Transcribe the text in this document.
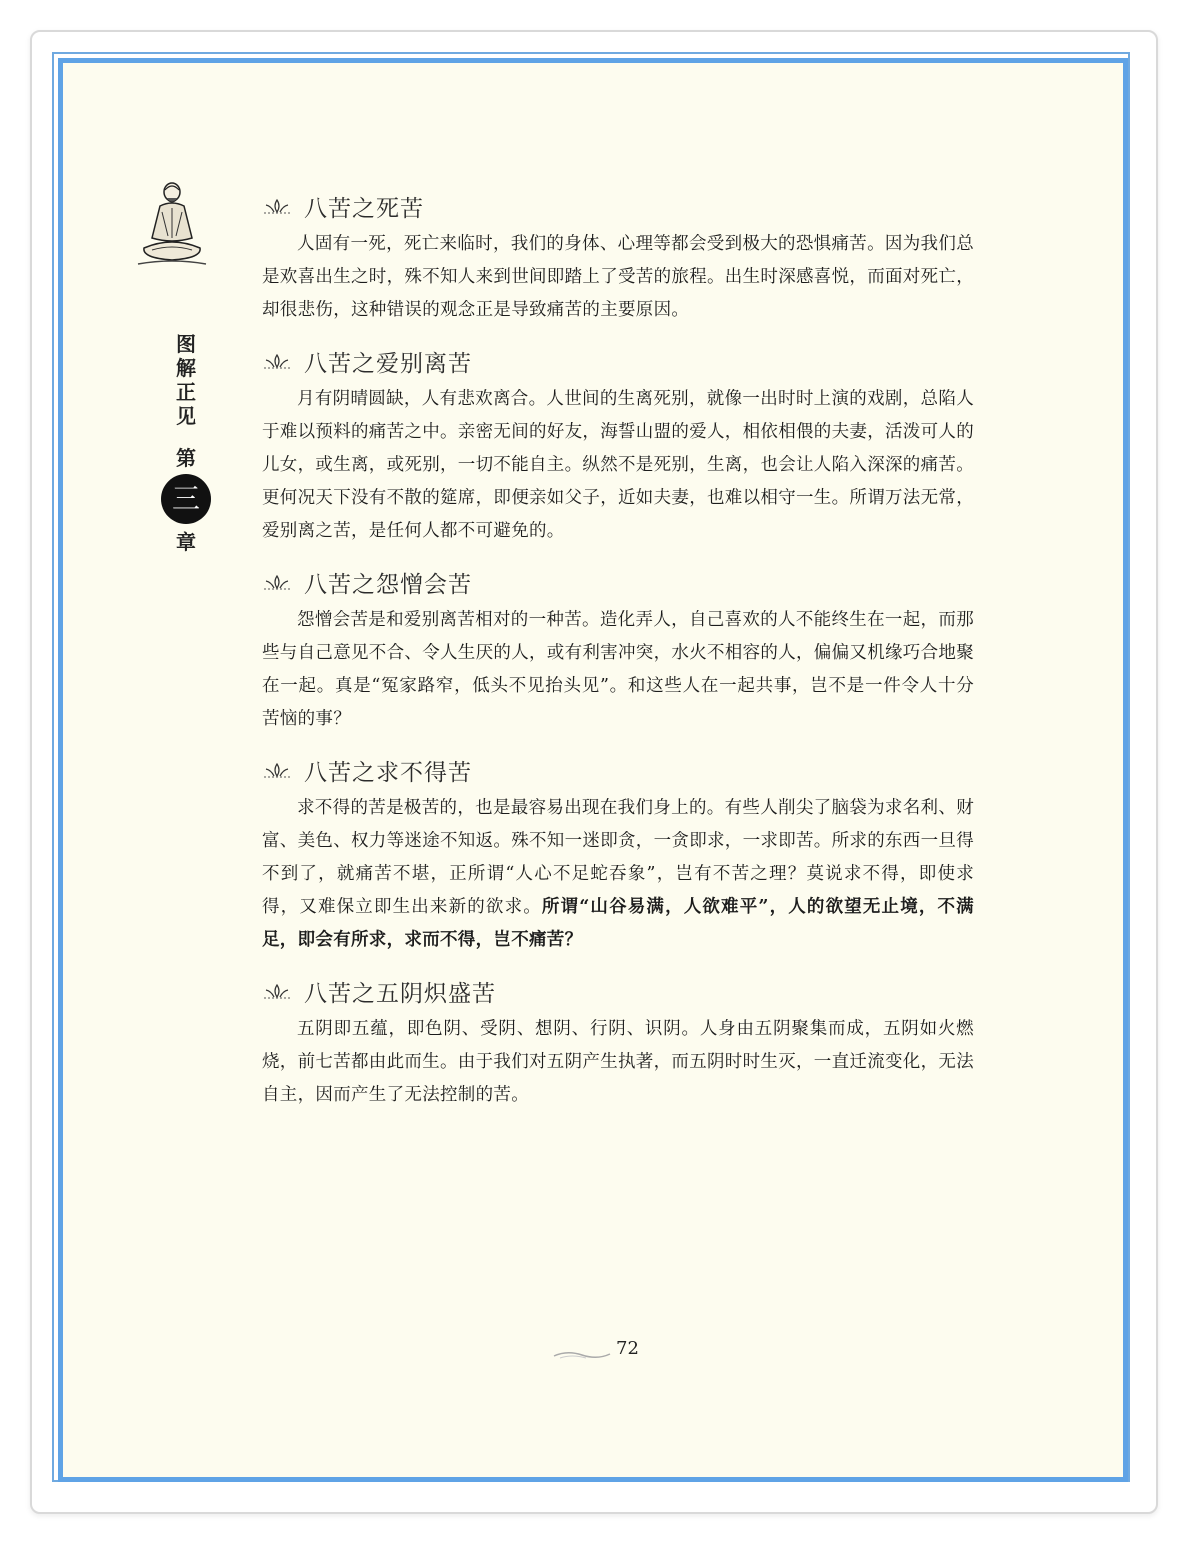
图解正见
第
三
章
八苦之死苦

人固有一死，死亡来临时，我们的身体、心理等都会受到极大的恐惧痛苦。因为我们总是欢喜出生之时，殊不知人来到世间即踏上了受苦的旅程。出生时深感喜悦，而面对死亡，却很悲伤，这种错误的观念正是导致痛苦的主要原因。

八苦之爱别离苦

月有阴晴圆缺，人有悲欢离合。人世间的生离死别，就像一出时时上演的戏剧，总陷人于难以预料的痛苦之中。亲密无间的好友，海誓山盟的爱人，相依相偎的夫妻，活泼可人的儿女，或生离，或死别，一切不能自主。纵然不是死别，生离，也会让人陷入深深的痛苦。更何况天下没有不散的筵席，即便亲如父子，近如夫妻，也难以相守一生。所谓万法无常，爱别离之苦，是任何人都不可避免的。

八苦之怨憎会苦

怨憎会苦是和爱别离苦相对的一种苦。造化弄人，自己喜欢的人不能终生在一起，而那些与自己意见不合、令人生厌的人，或有利害冲突，水火不相容的人，偏偏又机缘巧合地聚在一起。真是“冤家路窄，低头不见抬头见”。和这些人在一起共事，岂不是一件令人十分苦恼的事？

八苦之求不得苦

求不得的苦是极苦的，也是最容易出现在我们身上的。有些人削尖了脑袋为求名利、财富、美色、权力等迷途不知返。殊不知一迷即贪，一贪即求，一求即苦。所求的东西一旦得不到了，就痛苦不堪，正所谓“人心不足蛇吞象”，岂有不苦之理？莫说求不得，即使求得，又难保立即生出来新的欲求。所谓“山谷易满，人欲难平”，人的欲望无止境，不满足，即会有所求，求而不得，岂不痛苦？

八苦之五阴炽盛苦

五阴即五蕴，即色阴、受阴、想阴、行阴、识阴。人身由五阴聚集而成，五阴如火燃烧，前七苦都由此而生。由于我们对五阴产生执著，而五阴时时生灭，一直迁流变化，无法自主，因而产生了无法控制的苦。

72
